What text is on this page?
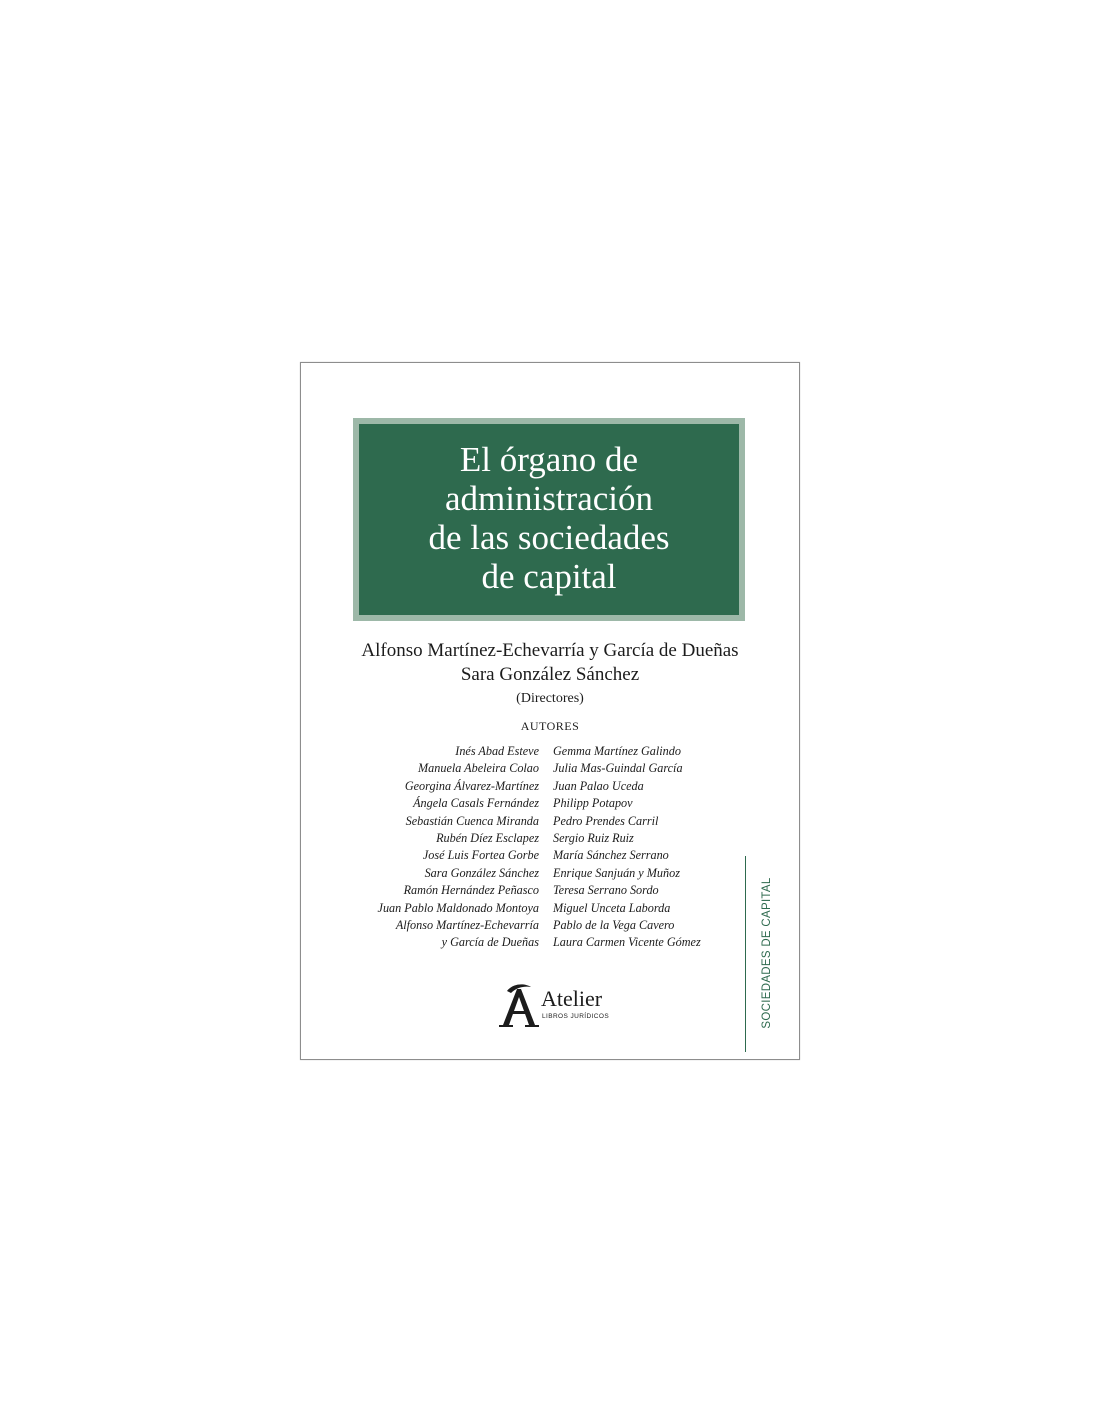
El órgano de
administración
de las sociedades
de capital
Alfonso Martínez-Echevarría y García de Dueñas
Sara González Sánchez
(Directores)
AUTORES
Inés Abad Esteve
Manuela Abeleira Colao
Georgina Álvarez-Martínez
Ángela Casals Fernández
Sebastián Cuenca Miranda
Rubén Díez Esclapez
José Luis Fortea Gorbe
Sara González Sánchez
Ramón Hernández Peñasco
Juan Pablo Maldonado Montoya
Alfonso Martínez-Echevarría
y García de Dueñas
Gemma Martínez Galindo
Julia Mas-Guindal García
Juan Palao Uceda
Philipp Potapov
Pedro Prendes Carril
Sergio Ruiz Ruiz
María Sánchez Serrano
Enrique Sanjuán y Muñoz
Teresa Serrano Sordo
Miguel Unceta Laborda
Pablo de la Vega Cavero
Laura Carmen Vicente Gómez	SOCIEDADES DE CAPITAL
Atelier
LIBROS JURÍDICOS
